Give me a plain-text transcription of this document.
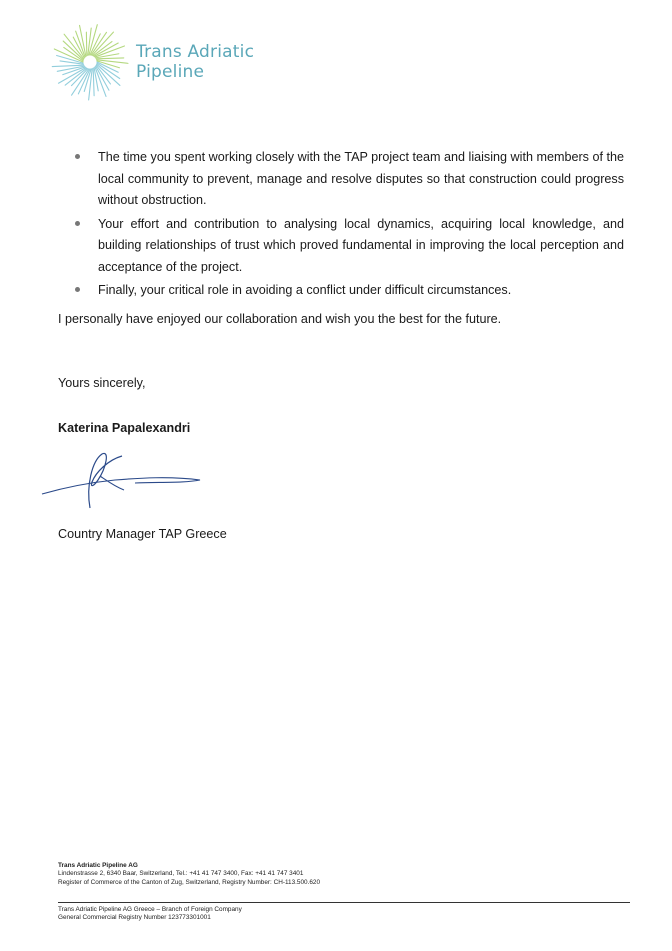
Trans Adriatic
Pipeline
The time you spent working closely with the TAP project team and liaising with members of the local community to prevent, manage and resolve disputes so that construction could progress without obstruction.
Your effort and contribution to analysing local dynamics, acquiring local knowledge, and building relationships of trust which proved fundamental in improving the local perception and acceptance of the project.
Finally, your critical role in avoiding a conflict under difficult circumstances.
I personally have enjoyed our collaboration and wish you the best for the future.
Yours sincerely,
Katerina Papalexandri
Country Manager TAP Greece
Trans Adriatic Pipeline AG
Lindenstrasse 2, 6340 Baar, Switzerland, Tel.: +41 41 747 3400, Fax: +41 41 747 3401
Register of Commerce of the Canton of Zug, Switzerland, Registry Number: CH-113.500.620
Trans Adriatic Pipeline AG Greece – Branch of Foreign Company
General Commercial Registry Number 123773301001
